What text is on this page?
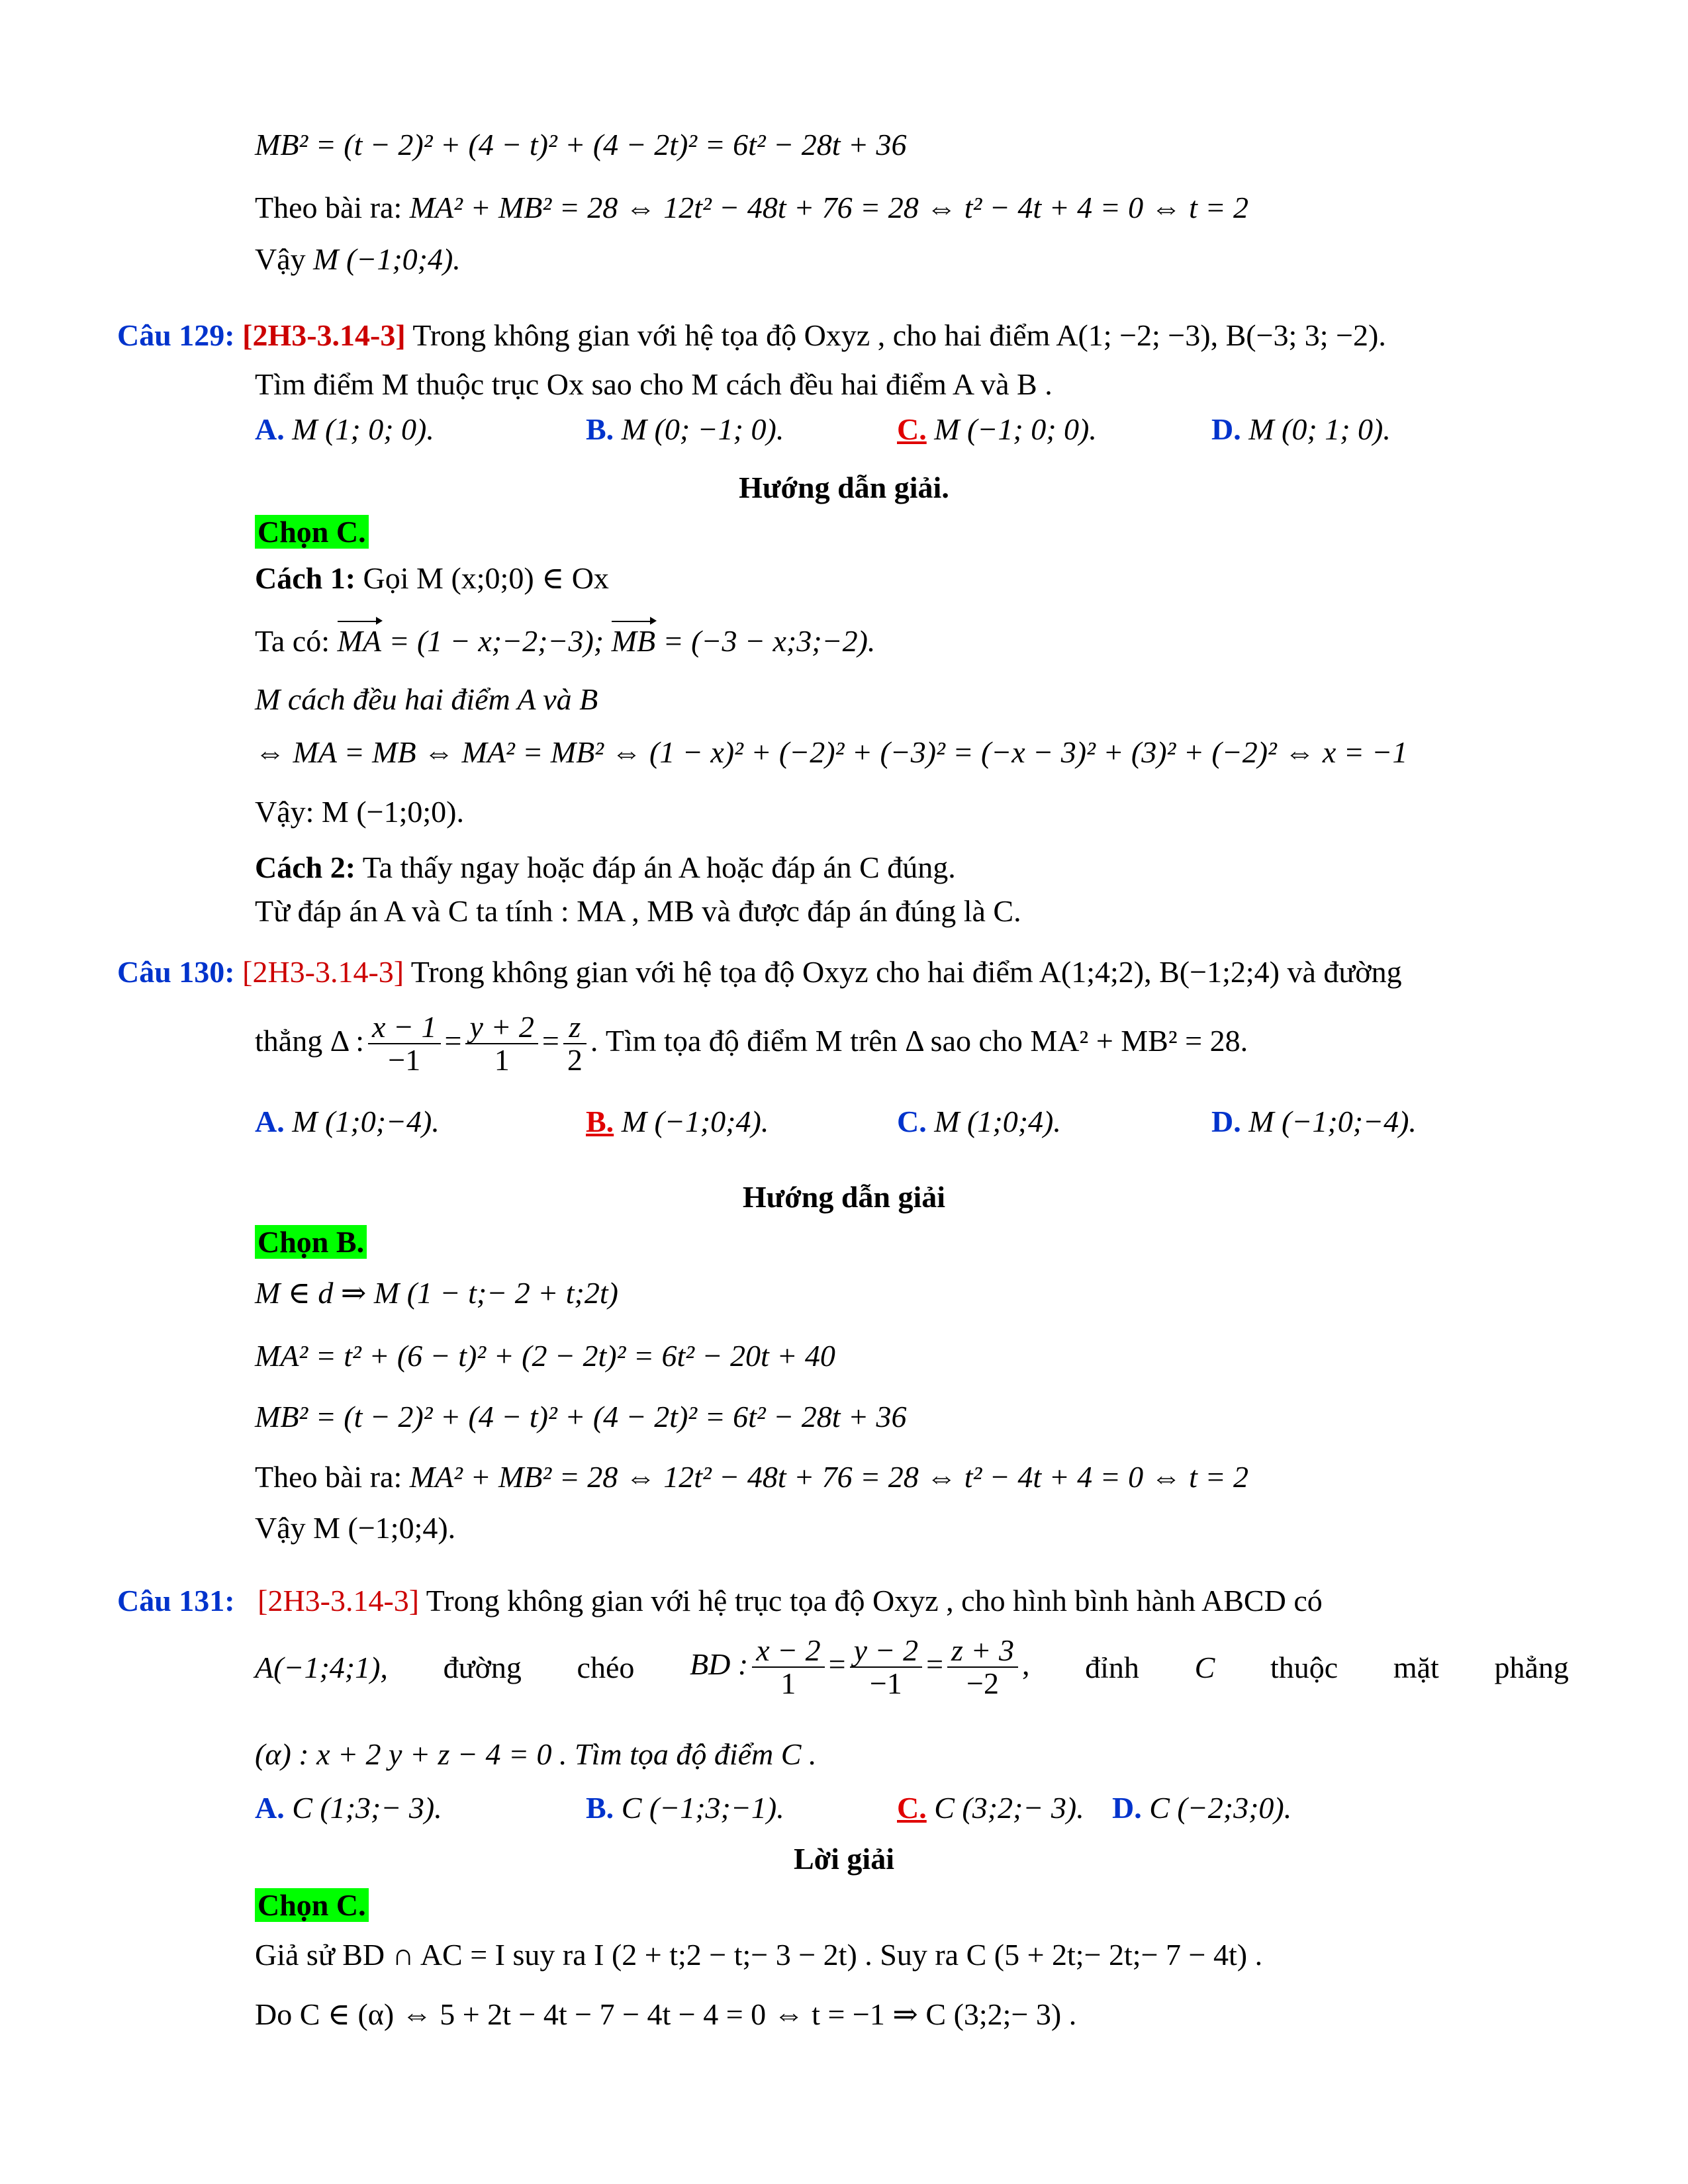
MB² = (t − 2)² + (4 − t)² + (4 − 2t)² = 6t² − 28t + 36
Theo bài ra: MA² + MB² = 28 ⇔ 12t² − 48t + 76 = 28 ⇔ t² − 4t + 4 = 0 ⇔ t = 2
Vậy M (−1;0;4).
Câu 129: [2H3-3.14-3] Trong không gian với hệ tọa độ Oxyz , cho hai điểm A(1; −2; −3), B(−3; 3; −2).
Tìm điểm M thuộc trục Ox sao cho M cách đều hai điểm A và B .
A. M (1; 0; 0).	B. M (0; −1; 0).	C. M (−1; 0; 0).	D. M (0; 1; 0).
Hướng dẫn giải.
Chọn C.
Cách 1: Gọi M (x;0;0) ∈ Ox
Ta có: MA = (1 − x;−2;−3); MB = (−3 − x;3;−2).
M cách đều hai điểm A và B
⇔ MA = MB ⇔ MA² = MB² ⇔ (1 − x)² + (−2)² + (−3)² = (−x − 3)² + (3)² + (−2)² ⇔ x = −1
Vậy: M (−1;0;0).
Cách 2: Ta thấy ngay hoặc đáp án A hoặc đáp án C đúng.
Từ đáp án A và C ta tính : MA , MB và được đáp án đúng là C.
Câu 130: [2H3-3.14-3] Trong không gian với hệ tọa độ Oxyz cho hai điểm A(1;4;2), B(−1;2;4) và đường
thẳng Δ : $\frac{x - 1}{-1} = \frac{y + 2}{1} = \frac{z}{2}$ . Tìm tọa độ điểm M trên Δ sao cho MA² + MB² = 28.
A. M (1;0;−4).	B. M (−1;0;4).	C. M (1;0;4).	D. M (−1;0;−4).
Hướng dẫn giải
Chọn B.
M ∈ d ⇒ M (1 − t;− 2 + t;2t)
MA² = t² + (6 − t)² + (2 − 2t)² = 6t² − 20t + 40
MB² = (t − 2)² + (4 − t)² + (4 − 2t)² = 6t² − 28t + 36
Theo bài ra: MA² + MB² = 28 ⇔ 12t² − 48t + 76 = 28 ⇔ t² − 4t + 4 = 0 ⇔ t = 2
Vậy M (−1;0;4).
Câu 131: [2H3-3.14-3] Trong không gian với hệ trục tọa độ Oxyz , cho hình bình hành ABCD có
A(−1;4;1), đường chéo BD : $\frac{x - 2}{1} = \frac{y - 2}{-1} = \frac{z + 3}{-2}$ , đỉnh C thuộc mặt phẳng
(α) : x + 2 y + z − 4 = 0 . Tìm tọa độ điểm C .
A. C (1;3;− 3).	B. C (−1;3;−1).	C. C (3;2;− 3). D. C (−2;3;0).
Lời giải
Chọn C.
Giả sử BD ∩ AC = I suy ra I (2 + t;2 − t;− 3 − 2t) . Suy ra C (5 + 2t;− 2t;− 7 − 4t) .
Do C ∈ (α) ⇔ 5 + 2t − 4t − 7 − 4t − 4 = 0 ⇔ t = −1 ⇒ C (3;2;− 3) .
